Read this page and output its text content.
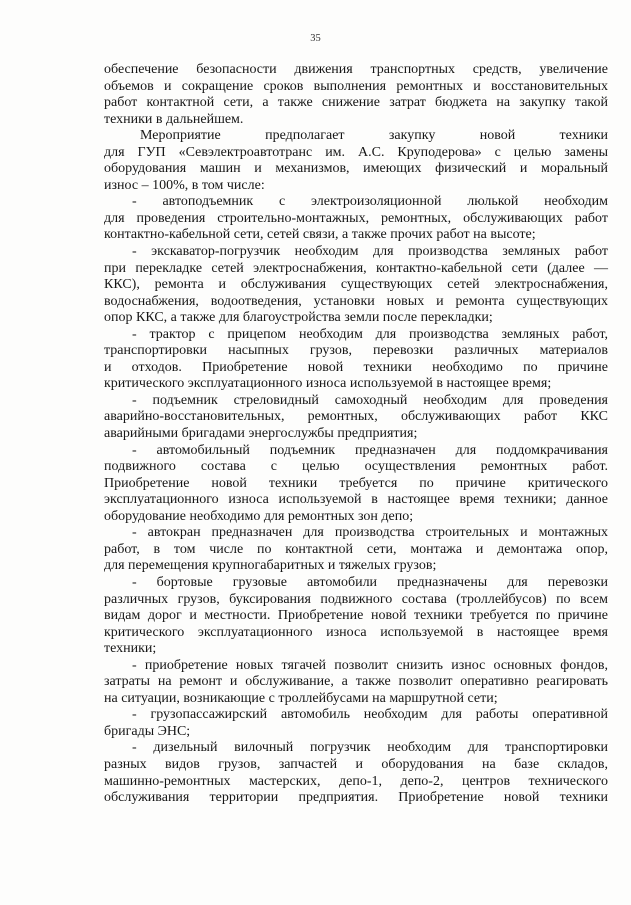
35
обеспечение безопасности движения транспортных средств, увеличение
объемов и сокращение сроков выполнения ремонтных и восстановительных
работ контактной сети, а также снижение затрат бюджета на закупку такой
техники в дальнейшем.
Мероприятие предполагает закупку новой техники
для ГУП «Севэлектроавтотранс им. А.С. Круподерова» с целью замены
оборудования машин и механизмов, имеющих физический и моральный
износ – 100%, в том числе:
- автоподъемник с электроизоляционной люлькой необходим
для проведения строительно-монтажных, ремонтных, обслуживающих работ
контактно-кабельной сети, сетей связи, а также прочих работ на высоте;
- экскаватор-погрузчик необходим для производства земляных работ
при перекладке сетей электроснабжения, контактно-кабельной сети (далее —
ККС), ремонта и обслуживания существующих сетей электроснабжения,
водоснабжения, водоотведения, установки новых и ремонта существующих
опор ККС, а также для благоустройства земли после перекладки;
- трактор с прицепом необходим для производства земляных работ,
транспортировки насыпных грузов, перевозки различных материалов
и отходов. Приобретение новой техники необходимо по причине
критического эксплуатационного износа используемой в настоящее время;
- подъемник стреловидный самоходный необходим для проведения
аварийно-восстановительных, ремонтных, обслуживающих работ ККС
аварийными бригадами энергослужбы предприятия;
- автомобильный подъемник предназначен для поддомкрачивания
подвижного состава с целью осуществления ремонтных работ.
Приобретение новой техники требуется по причине критического
эксплуатационного износа используемой в настоящее время техники; данное
оборудование необходимо для ремонтных зон депо;
- автокран предназначен для производства строительных и монтажных
работ, в том числе по контактной сети, монтажа и демонтажа опор,
для перемещения крупногабаритных и тяжелых грузов;
- бортовые грузовые автомобили предназначены для перевозки
различных грузов, буксирования подвижного состава (троллейбусов) по всем
видам дорог и местности. Приобретение новой техники требуется по причине
критического эксплуатационного износа используемой в настоящее время
техники;
- приобретение новых тягачей позволит снизить износ основных фондов,
затраты на ремонт и обслуживание, а также позволит оперативно реагировать
на ситуации, возникающие с троллейбусами на маршрутной сети;
- грузопассажирский автомобиль необходим для работы оперативной
бригады ЭНС;
- дизельный вилочный погрузчик необходим для транспортировки
разных видов грузов, запчастей и оборудования на базе складов,
машинно-ремонтных мастерских, депо-1, депо-2, центров технического
обслуживания территории предприятия. Приобретение новой техники
